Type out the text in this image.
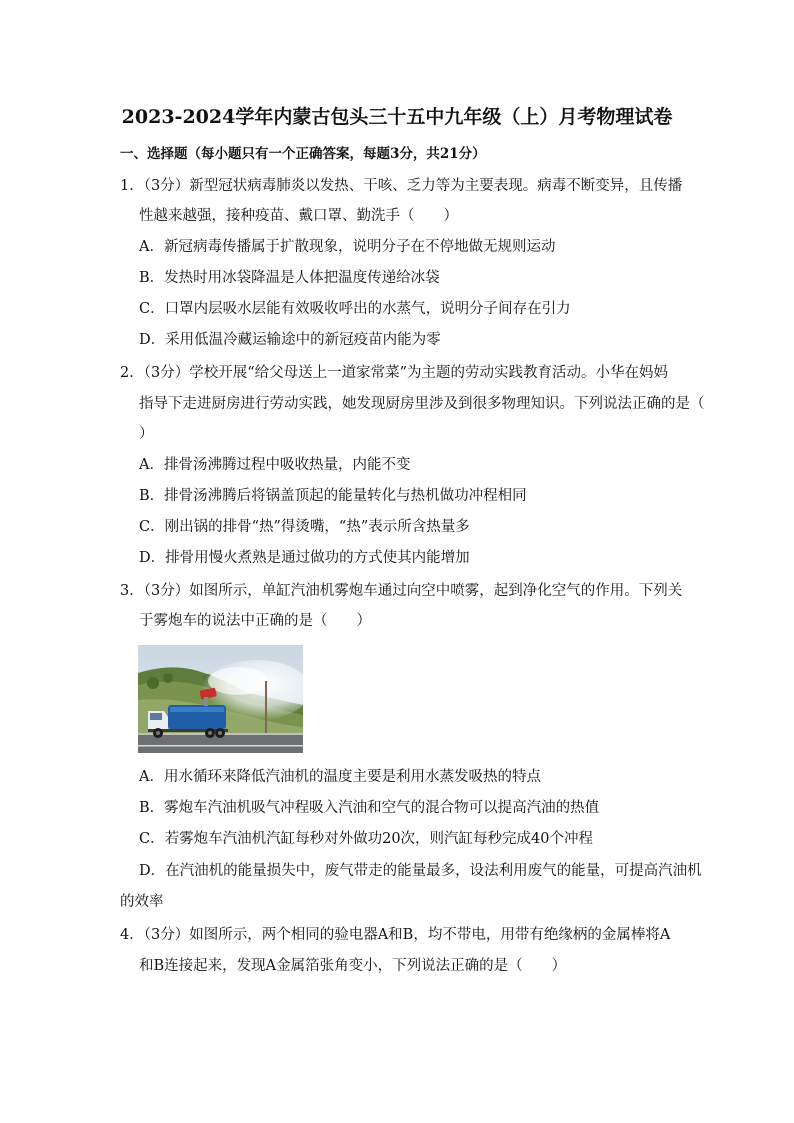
2023-2024学年内蒙古包头三十五中九年级（上）月考物理试卷
一、选择题（每小题只有一个正确答案，每题3分，共21分）
1．（3分）新型冠状病毒肺炎以发热、干咳、乏力等为主要表现。病毒不断变异，且传播
性越来越强，接种疫苗、戴口罩、勤洗手（　　）
A．新冠病毒传播属于扩散现象，说明分子在不停地做无规则运动
B．发热时用冰袋降温是人体把温度传递给冰袋
C．口罩内层吸水层能有效吸收呼出的水蒸气，说明分子间存在引力
D．采用低温冷藏运输途中的新冠疫苗内能为零
2．（3分）学校开展“给父母送上一道家常菜”为主题的劳动实践教育活动。小华在妈妈
指导下走进厨房进行劳动实践，她发现厨房里涉及到很多物理知识。下列说法正确的是（
）
A．排骨汤沸腾过程中吸收热量，内能不变
B．排骨汤沸腾后将锅盖顶起的能量转化与热机做功冲程相同
C．刚出锅的排骨“热”得烫嘴，“热”表示所含热量多
D．排骨用慢火煮熟是通过做功的方式使其内能增加
3．（3分）如图所示，单缸汽油机雾炮车通过向空中喷雾，起到净化空气的作用。下列关
于雾炮车的说法中正确的是（　　）
A．用水循环来降低汽油机的温度主要是利用水蒸发吸热的特点
B．雾炮车汽油机吸气冲程吸入汽油和空气的混合物可以提高汽油的热值
C．若雾炮车汽油机汽缸每秒对外做功20次，则汽缸每秒完成40个冲程
D．在汽油机的能量损失中，废气带走的能量最多，设法利用废气的能量，可提高汽油机
的效率
4．（3分）如图所示，两个相同的验电器A和B，均不带电，用带有绝缘柄的金属棒将A
和B连接起来，发现A金属箔张角变小，下列说法正确的是（　　）
